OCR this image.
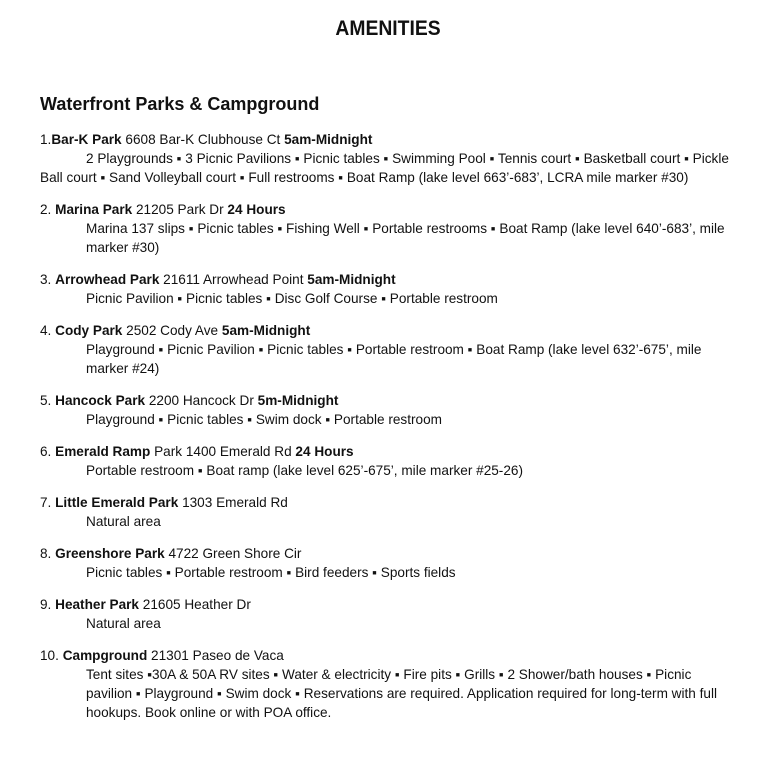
AMENITIES
Waterfront Parks & Campground
1.Bar-K Park 6608 Bar-K Clubhouse Ct 5am-Midnight
2 Playgrounds ▪ 3 Picnic Pavilions ▪ Picnic tables ▪ Swimming Pool ▪ Tennis court ▪ Basketball court ▪ Pickle Ball court ▪ Sand Volleyball court ▪ Full restrooms ▪ Boat Ramp (lake level 663’-683’, LCRA mile marker #30)
2. Marina Park 21205 Park Dr 24 Hours
Marina 137 slips ▪ Picnic tables ▪ Fishing Well ▪ Portable restrooms ▪ Boat Ramp (lake level 640’-683’, mile marker #30)
3. Arrowhead Park 21611 Arrowhead Point 5am-Midnight
Picnic Pavilion ▪ Picnic tables ▪ Disc Golf Course ▪ Portable restroom
4. Cody Park 2502 Cody Ave 5am-Midnight
Playground ▪ Picnic Pavilion ▪ Picnic tables ▪ Portable restroom ▪ Boat Ramp (lake level 632’-675’, mile marker #24)
5. Hancock Park 2200 Hancock Dr 5m-Midnight
Playground ▪ Picnic tables ▪ Swim dock ▪ Portable restroom
6. Emerald Ramp Park 1400 Emerald Rd 24 Hours
Portable restroom ▪ Boat ramp (lake level 625’-675’, mile marker #25-26)
7. Little Emerald Park 1303 Emerald Rd
Natural area
8. Greenshore Park 4722 Green Shore Cir
Picnic tables ▪ Portable restroom ▪ Bird feeders ▪ Sports fields
9. Heather Park 21605 Heather Dr
Natural area
10. Campground 21301 Paseo de Vaca
Tent sites ▪30A & 50A RV sites ▪ Water & electricity ▪ Fire pits ▪ Grills ▪ 2 Shower/bath houses ▪ Picnic pavilion ▪ Playground ▪ Swim dock ▪ Reservations are required. Application required for long-term with full hookups. Book online or with POA office.
